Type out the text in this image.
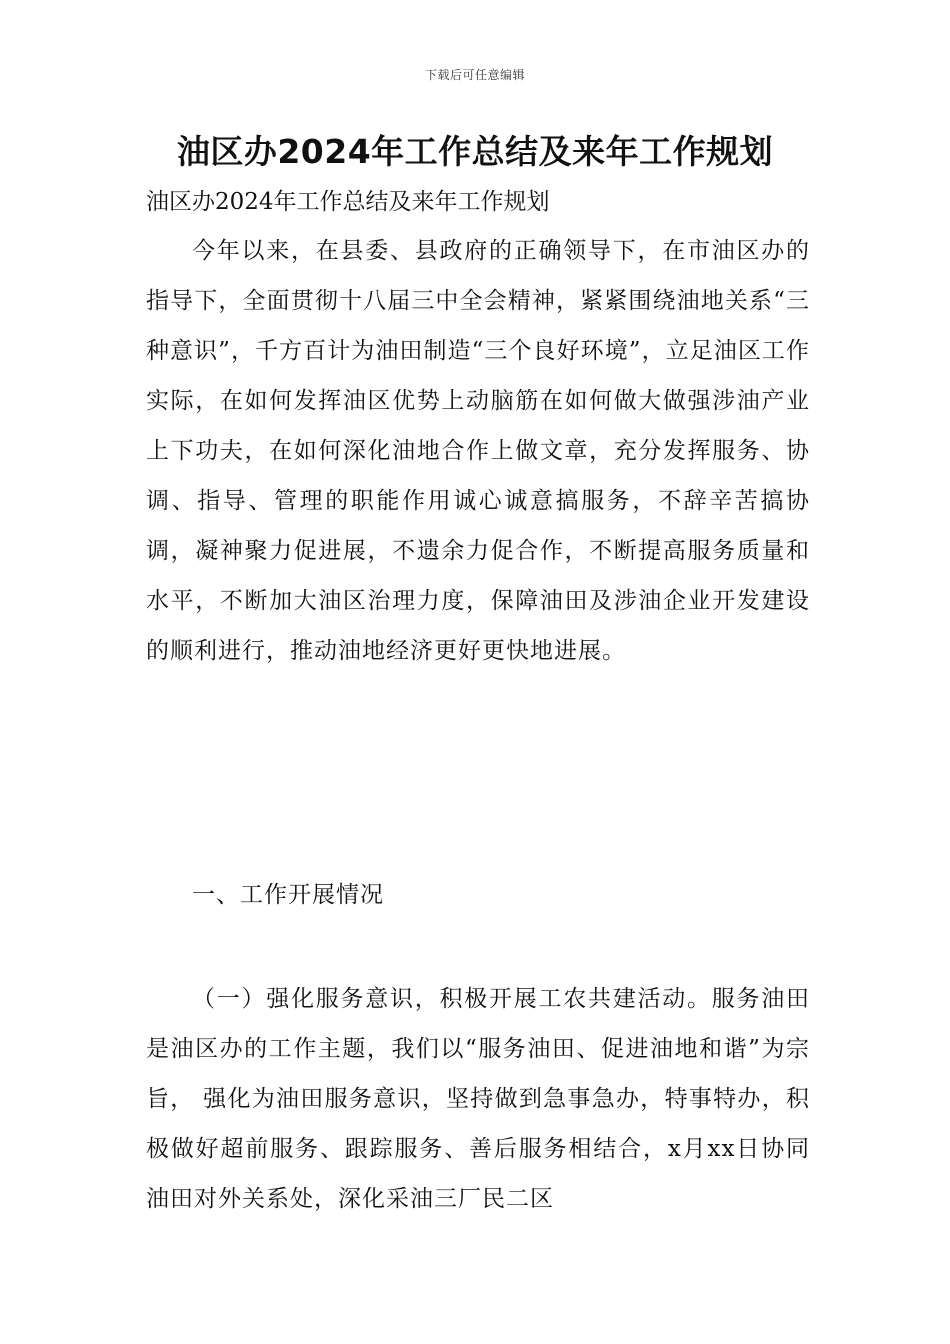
下载后可任意编辑
油区办2024年工作总结及来年工作规划
油区办2024年工作总结及来年工作规划

今年以来，在县委、县政府的正确领导下，在市油区办的指导下，全面贯彻十八届三中全会精神，紧紧围绕油地关系“三种意识”，千方百计为油田制造“三个良好环境”，立足油区工作实际，在如何发挥油区优势上动脑筋在如何做大做强涉油产业上下功夫，在如何深化油地合作上做文章，充分发挥服务、协调、指导、管理的职能作用诚心诚意搞服务，不辞辛苦搞协调，凝神聚力促进展，不遗余力促合作，不断提高服务质量和水平，不断加大油区治理力度，保障油田及涉油企业开发建设的顺利进行，推动油地经济更好更快地进展。

一、工作开展情况

（一）强化服务意识，积极开展工农共建活动。服务油田是油区办的工作主题，我们以“服务油田、促进油地和谐”为宗旨， 强化为油田服务意识，坚持做到急事急办，特事特办，积极做好超前服务、跟踪服务、善后服务相结合，x月xx日协同油田对外关系处，深化采油三厂民二区
